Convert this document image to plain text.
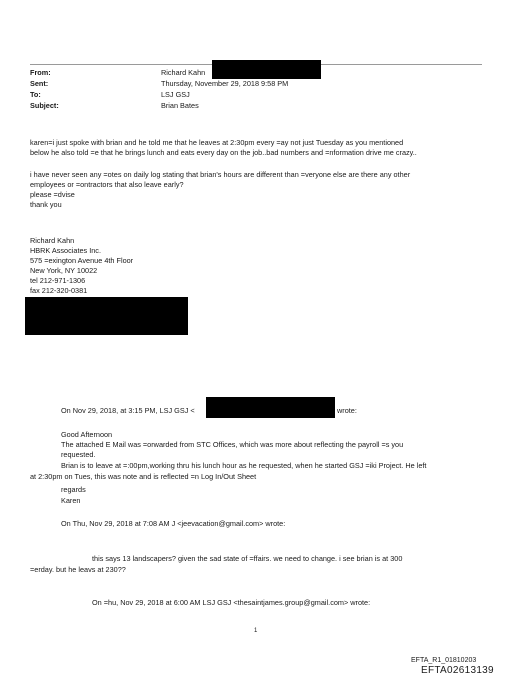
From:
Sent:
To:
Subject:
Richard Kahn
Thursday, November 29, 2018 9:58 PM
LSJ GSJ
Brian Bates
karen=i just spoke with brian and he told me that he leaves at 2:30pm every =ay not just Tuesday as you mentioned
below he also told =e that he brings lunch and eats every day on the job..bad numbers and =nformation drive me crazy..
i have never seen any =otes on daily log stating that brian's hours are different than =veryone else are there any other
employees or =ontractors that also leave early?
please =dvise
thank you
Richard Kahn
HBRK Associates Inc.
575 =exington Avenue 4th Floor
New York, NY 10022
tel 212-971-1306
fax 212-320-0381
On Nov 29, 2018, at 3:15 PM, LSJ GSJ <	wrote:
Good Afternoon
The attached E Mail was =orwarded from STC Offices, which was more about reflecting the payroll =s you
requested.
Brian is to leave at =:00pm,working thru his lunch hour as he requested, when he started GSJ =iki Project. He left
at 2:30pm on Tues, this was note and is reflected =n Log In/Out Sheet
regards
Karen
On Thu, Nov 29, 2018 at 7:08 AM J <jeevacation@gmail.com> wrote:
this says 13 landscapers? given the sad state of =ffairs. we need to change. i see brian is at 300
=erday. but he leavs at 230??
On =hu, Nov 29, 2018 at 6:00 AM LSJ GSJ <thesaintjames.group@gmail.com> wrote:
1
EFTA_R1_01810203
EFTA02613139
